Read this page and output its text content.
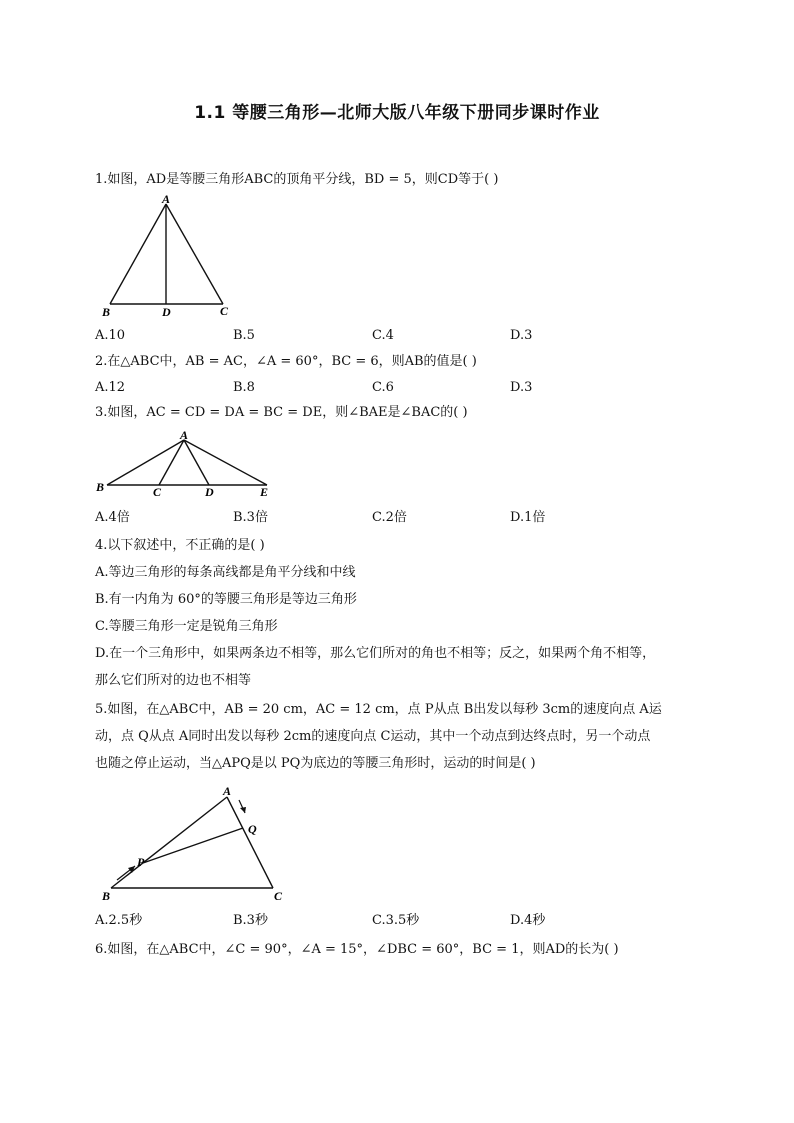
1.1 等腰三角形—北师大版八年级下册同步课时作业
1.如图，AD是等腰三角形ABC的顶角平分线，BD = 5，则CD等于( )
A
B	D	C
A.10	B.5	C.4	D.3
2.在△ABC中，AB = AC，∠A = 60°，BC = 6，则AB的值是( )
A.12	B.8	C.6	D.3
3.如图，AC = CD = DA = BC = DE，则∠BAE是∠BAC的( )
A
B	C	D	E
A.4倍	B.3倍	C.2倍	D.1倍
4.以下叙述中，不正确的是( )
A.等边三角形的每条高线都是角平分线和中线
B.有一内角为 60°的等腰三角形是等边三角形
C.等腰三角形一定是锐角三角形
D.在一个三角形中，如果两条边不相等，那么它们所对的角也不相等；反之，如果两个角不相等，
那么它们所对的边也不相等
5.如图，在△ABC中，AB = 20 cm，AC = 12 cm，点 P从点 B出发以每秒 3cm的速度向点 A运
动，点 Q从点 A同时出发以每秒 2cm的速度向点 C运动，其中一个动点到达终点时，另一个动点
也随之停止运动，当△APQ是以 PQ为底边的等腰三角形时，运动的时间是( )
A
Q
P
B	C
A.2.5秒	B.3秒	C.3.5秒	D.4秒
6.如图，在△ABC中，∠C = 90°，∠A = 15°，∠DBC = 60°，BC = 1，则AD的长为( )
